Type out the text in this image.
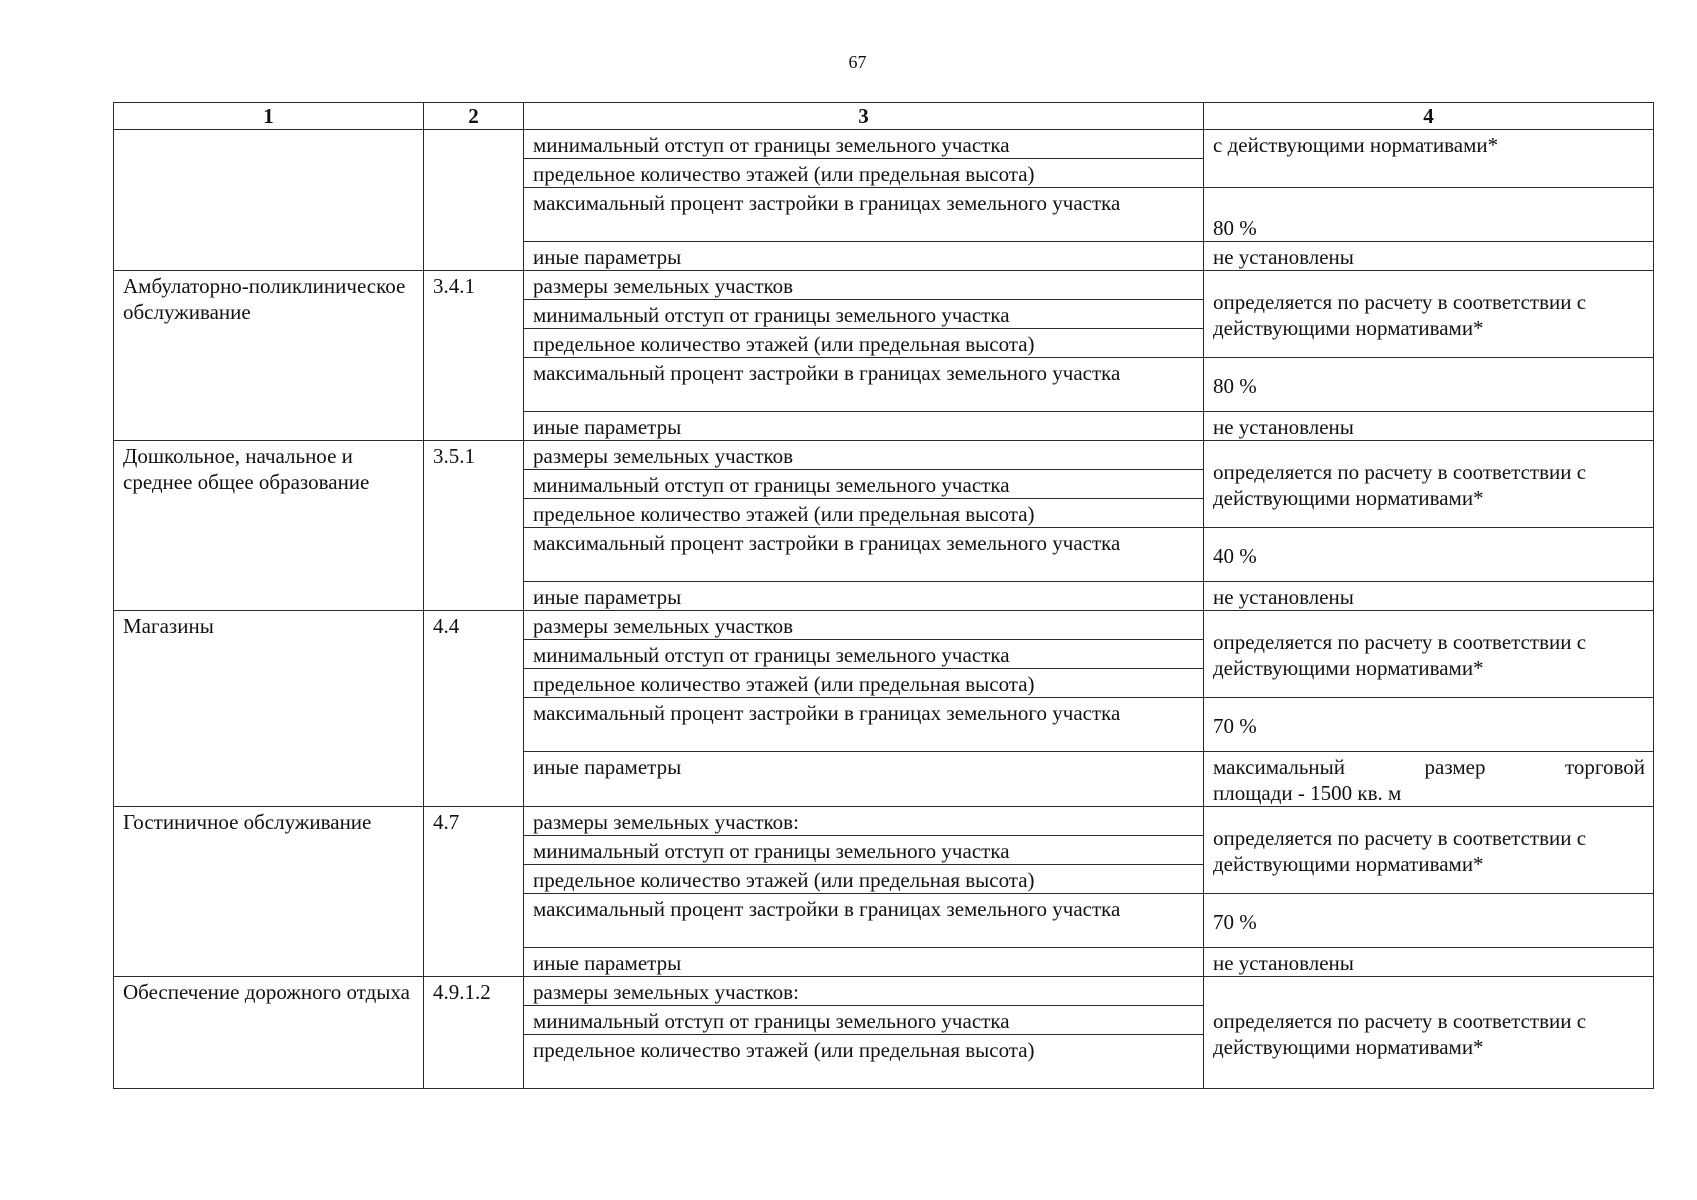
67
1	2	3	4
		минимальный отступ от границы земельного участка	с действующими нормативами*
		предельное количество этажей (или предельная высота)	
		максимальный процент застройки в границах земельного участка	80 %
		иные параметры	не установлены
Амбулаторно-поликлиническое обслуживание	3.4.1	размеры земельных участков	определяется по расчету в соответствии с действующими нормативами*
		минимальный отступ от границы земельного участка	
		предельное количество этажей (или предельная высота)	
		максимальный процент застройки в границах земельного участка	80 %
		иные параметры	не установлены
Дошкольное, начальное и среднее общее образование	3.5.1	размеры земельных участков	определяется по расчету в соответствии с действующими нормативами*
		минимальный отступ от границы земельного участка	
		предельное количество этажей (или предельная высота)	
		максимальный процент застройки в границах земельного участка	40 %
		иные параметры	не установлены
Магазины	4.4	размеры земельных участков	определяется по расчету в соответствии с действующими нормативами*
		минимальный отступ от границы земельного участка	
		предельное количество этажей (или предельная высота)	
		максимальный процент застройки в границах земельного участка	70 %
		иные параметры	максимальный размер торговой
площади - 1500 кв. м

Гостиничное обслуживание	4.7	размеры земельных участков:	определяется по расчету в соответствии с действующими нормативами*
		минимальный отступ от границы земельного участка	
		предельное количество этажей (или предельная высота)	
		максимальный процент застройки в границах земельного участка	70 %
		иные параметры	не установлены
Обеспечение дорожного отдыха	4.9.1.2	размеры земельных участков:	определяется по расчету в соответствии с действующими нормативами*
		минимальный отступ от границы земельного участка	
		предельное количество этажей (или предельная высота)	
